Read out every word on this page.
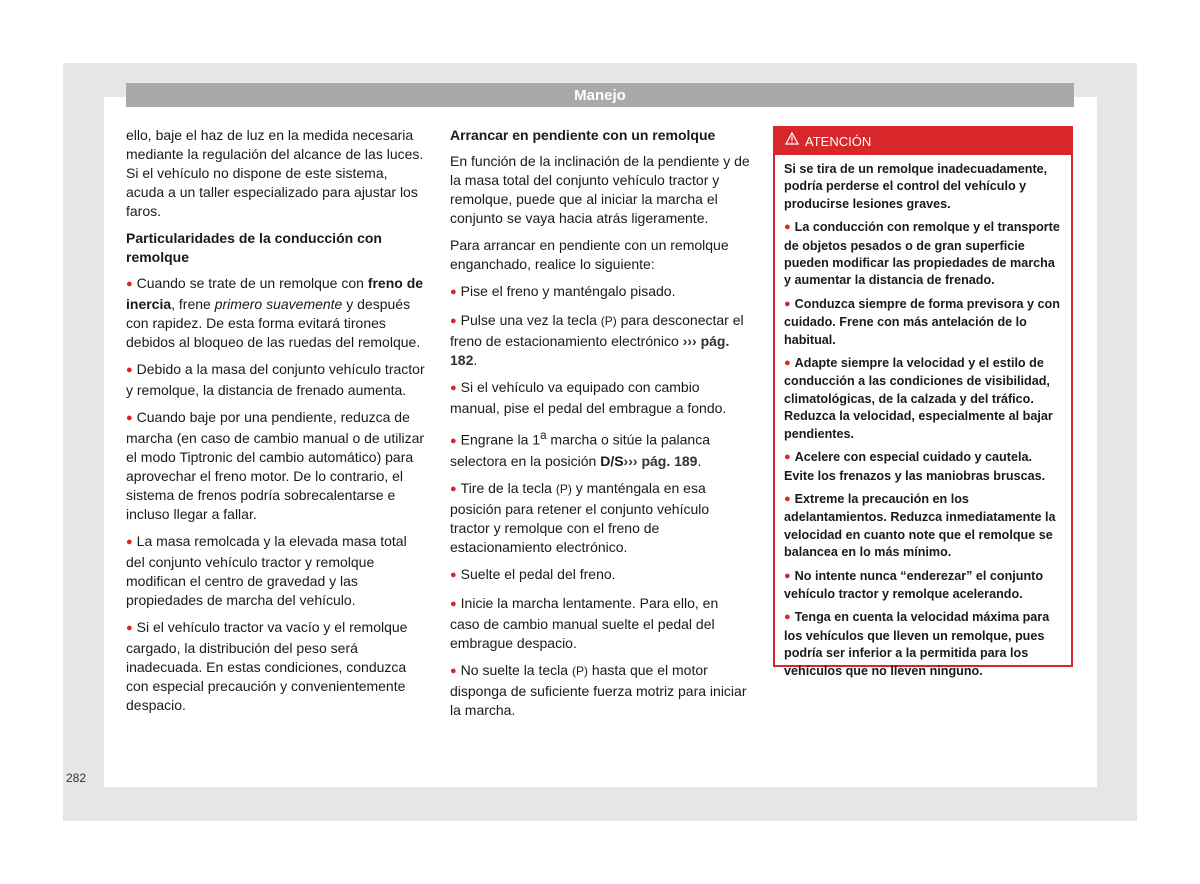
Manejo

ello, baje el haz de luz en la medida necesaria mediante la regulación del alcance de las luces. Si el vehículo no dispone de este sistema, acuda a un taller especializado para ajustar los faros.

Particularidades de la conducción con remolque

● Cuando se trate de un remolque con freno de inercia, frene primero suavemente y después con rapidez. De esta forma evitará tirones debidos al bloqueo de las ruedas del remolque.

● Debido a la masa del conjunto vehículo tractor y remolque, la distancia de frenado aumenta.

● Cuando baje por una pendiente, reduzca de marcha (en caso de cambio manual o de utilizar el modo Tiptronic del cambio automático) para aprovechar el freno motor. De lo contrario, el sistema de frenos podría sobrecalentarse e incluso llegar a fallar.

● La masa remolcada y la elevada masa total del conjunto vehículo tractor y remolque modifican el centro de gravedad y las propiedades de marcha del vehículo.

● Si el vehículo tractor va vacío y el remolque cargado, la distribución del peso será inadecuada. En estas condiciones, conduzca con especial precaución y convenientemente despacio.

Arrancar en pendiente con un remolque

En función de la inclinación de la pendiente y de la masa total del conjunto vehículo tractor y remolque, puede que al iniciar la marcha el conjunto se vaya hacia atrás ligeramente.

Para arrancar en pendiente con un remolque enganchado, realice lo siguiente:

● Pise el freno y manténgalo pisado.

● Pulse una vez la tecla (P) para desconectar el freno de estacionamiento electrónico ››› pág. 182.

● Si el vehículo va equipado con cambio manual, pise el pedal del embrague a fondo.

● Engrane la 1$^a$ marcha o sitúe la palanca selectora en la posición D/S››› pág. 189.

● Tire de la tecla (P) y manténgala en esa posición para retener el conjunto vehículo tractor y remolque con el freno de estacionamiento electrónico.

● Suelte el pedal del freno.

● Inicie la marcha lentamente. Para ello, en caso de cambio manual suelte el pedal del embrague despacio.

● No suelte la tecla (P) hasta que el motor disponga de suficiente fuerza motriz para iniciar la marcha.

ATENCIÓN

Si se tira de un remolque inadecuadamente, podría perderse el control del vehículo y producirse lesiones graves.

● La conducción con remolque y el transporte de objetos pesados o de gran superficie pueden modificar las propiedades de marcha y aumentar la distancia de frenado.

● Conduzca siempre de forma previsora y con cuidado. Frene con más antelación de lo habitual.

● Adapte siempre la velocidad y el estilo de conducción a las condiciones de visibilidad, climatológicas, de la calzada y del tráfico. Reduzca la velocidad, especialmente al bajar pendientes.

● Acelere con especial cuidado y cautela. Evite los frenazos y las maniobras bruscas.

● Extreme la precaución en los adelantamientos. Reduzca inmediatamente la velocidad en cuanto note que el remolque se balancea en lo más mínimo.

● No intente nunca “enderezar” el conjunto vehículo tractor y remolque acelerando.

● Tenga en cuenta la velocidad máxima para los vehículos que lleven un remolque, pues podría ser inferior a la permitida para los vehículos que no lleven ninguno.

282
